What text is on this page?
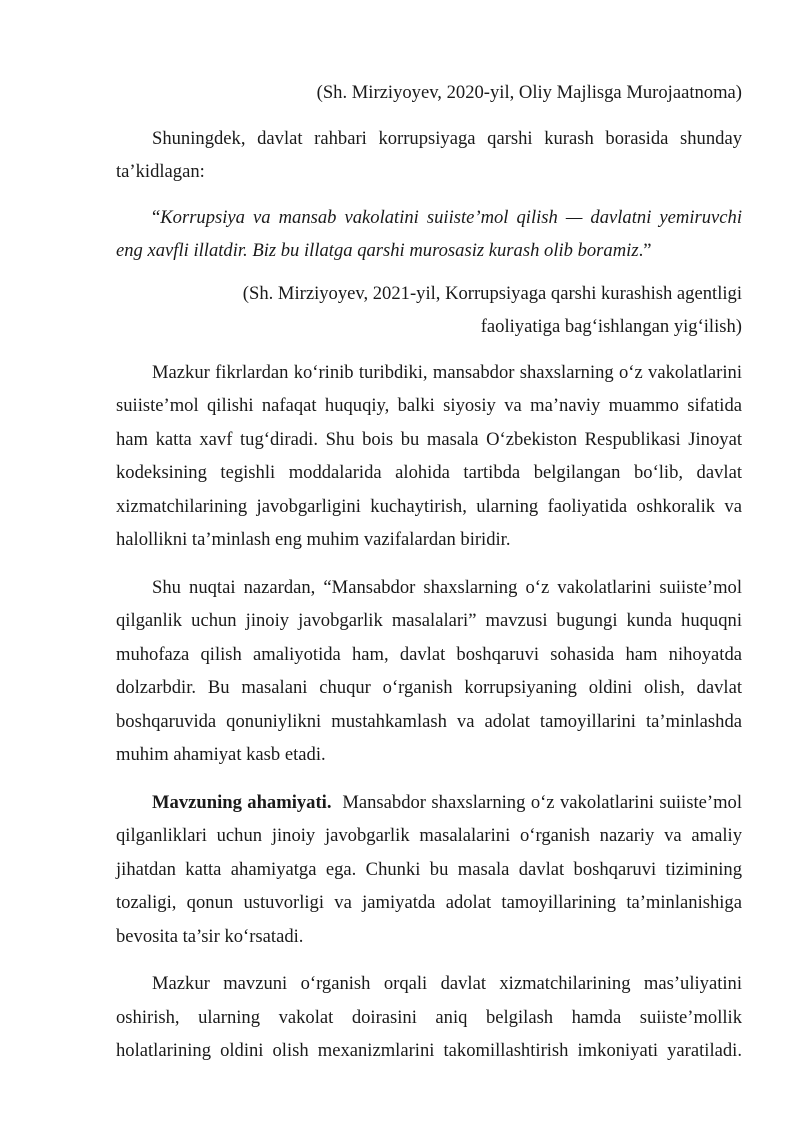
(Sh. Mirziyoyev, 2020-yil, Oliy Majlisga Murojaatnoma)

Shuningdek, davlat rahbari korrupsiyaga qarshi kurash borasida shunday ta’kidlagan:

“Korrupsiya va mansab vakolatini suiiste’mol qilish — davlatni yemiruvchi eng xavfli illatdir. Biz bu illatga qarshi murosasiz kurash olib boramiz.”

(Sh. Mirziyoyev, 2021-yil, Korrupsiyaga qarshi kurashish agentligi

faoliyatiga bag‘ishlangan yig‘ilish)

Mazkur fikrlardan ko‘rinib turibdiki, mansabdor shaxslarning o‘z vakolatlarini suiiste’mol qilishi nafaqat huquqiy, balki siyosiy va ma’naviy muammo sifatida ham katta xavf tug‘diradi. Shu bois bu masala O‘zbekiston Respublikasi Jinoyat kodeksining tegishli moddalarida alohida tartibda belgilangan bo‘lib, davlat xizmatchilarining javobgarligini kuchaytirish, ularning faoliyatida oshkoralik va halollikni ta’minlash eng muhim vazifalardan biridir.

Shu nuqtai nazardan, “Mansabdor shaxslarning o‘z vakolatlarini suiiste’mol qilganlik uchun jinoiy javobgarlik masalalari” mavzusi bugungi kunda huquqni muhofaza qilish amaliyotida ham, davlat boshqaruvi sohasida ham nihoyatda dolzarbdir. Bu masalani chuqur o‘rganish korrupsiyaning oldini olish, davlat boshqaruvida qonuniylikni mustahkamlash va adolat tamoyillarini ta’minlashda muhim ahamiyat kasb etadi.

Mavzuning ahamiyati. Mansabdor shaxslarning o‘z vakolatlarini suiiste’mol qilganliklari uchun jinoiy javobgarlik masalalarini o‘rganish nazariy va amaliy jihatdan katta ahamiyatga ega. Chunki bu masala davlat boshqaruvi tizimining tozaligi, qonun ustuvorligi va jamiyatda adolat tamoyillarining ta’minlanishiga bevosita ta’sir ko‘rsatadi.

Mazkur mavzuni o‘rganish orqali davlat xizmatchilarining mas’uliyatini oshirish, ularning vakolat doirasini aniq belgilash hamda suiiste’mollik holatlarining oldini olish mexanizmlarini takomillashtirish imkoniyati yaratiladi.
